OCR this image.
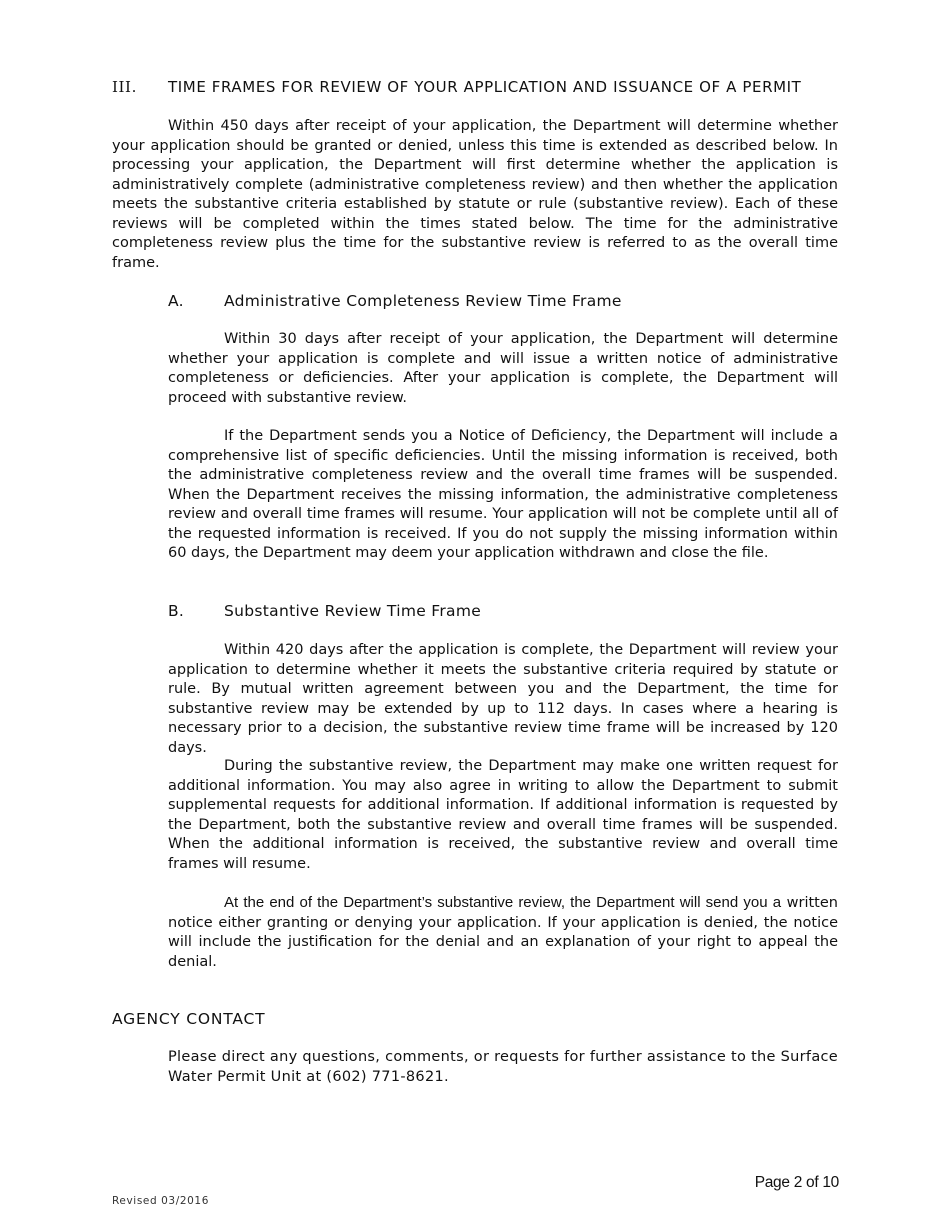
III. TIME FRAMES FOR REVIEW OF YOUR APPLICATION AND ISSUANCE OF A PERMIT

Within 450 days after receipt of your application, the Department will determine whether your application should be granted or denied, unless this time is extended as described below. In processing your application, the Department will first determine whether the application is administratively complete (administrative completeness review) and then whether the application meets the substantive criteria established by statute or rule (substantive review). Each of these reviews will be completed within the times stated below. The time for the administrative completeness review plus the time for the substantive review is referred to as the overall time frame.

A.	Administrative Completeness Review Time Frame

Within 30 days after receipt of your application, the Department will determine whether your application is complete and will issue a written notice of administrative completeness or deficiencies. After your application is complete, the Department will proceed with substantive review.

If the Department sends you a Notice of Deficiency, the Department will include a comprehensive list of specific deficiencies. Until the missing information is received, both the administrative completeness review and the overall time frames will be suspended. When the Department receives the missing information, the administrative completeness review and overall time frames will resume. Your application will not be complete until all of the requested information is received. If you do not supply the missing information within 60 days, the Department may deem your application withdrawn and close the file.

B.	Substantive Review Time Frame

Within 420 days after the application is complete, the Department will review your application to determine whether it meets the substantive criteria required by statute or rule. By mutual written agreement between you and the Department, the time for substantive review may be extended by up to 112 days. In cases where a hearing is necessary prior to a decision, the substantive review time frame will be increased by 120 days.

During the substantive review, the Department may make one written request for additional information. You may also agree in writing to allow the Department to submit supplemental requests for additional information. If additional information is requested by the Department, both the substantive review and overall time frames will be suspended. When the additional information is received, the substantive review and overall time frames will resume.

At the end of the Department’s substantive review, the Department will send you a written notice either granting or denying your application. If your application is denied, the notice will include the justification for the denial and an explanation of your right to appeal the denial.

AGENCY CONTACT
Please direct any questions, comments, or requests for further assistance to the Surface Water Permit Unit at (602) 771-8621.
Page 2 of 10
Revised 03/2016
